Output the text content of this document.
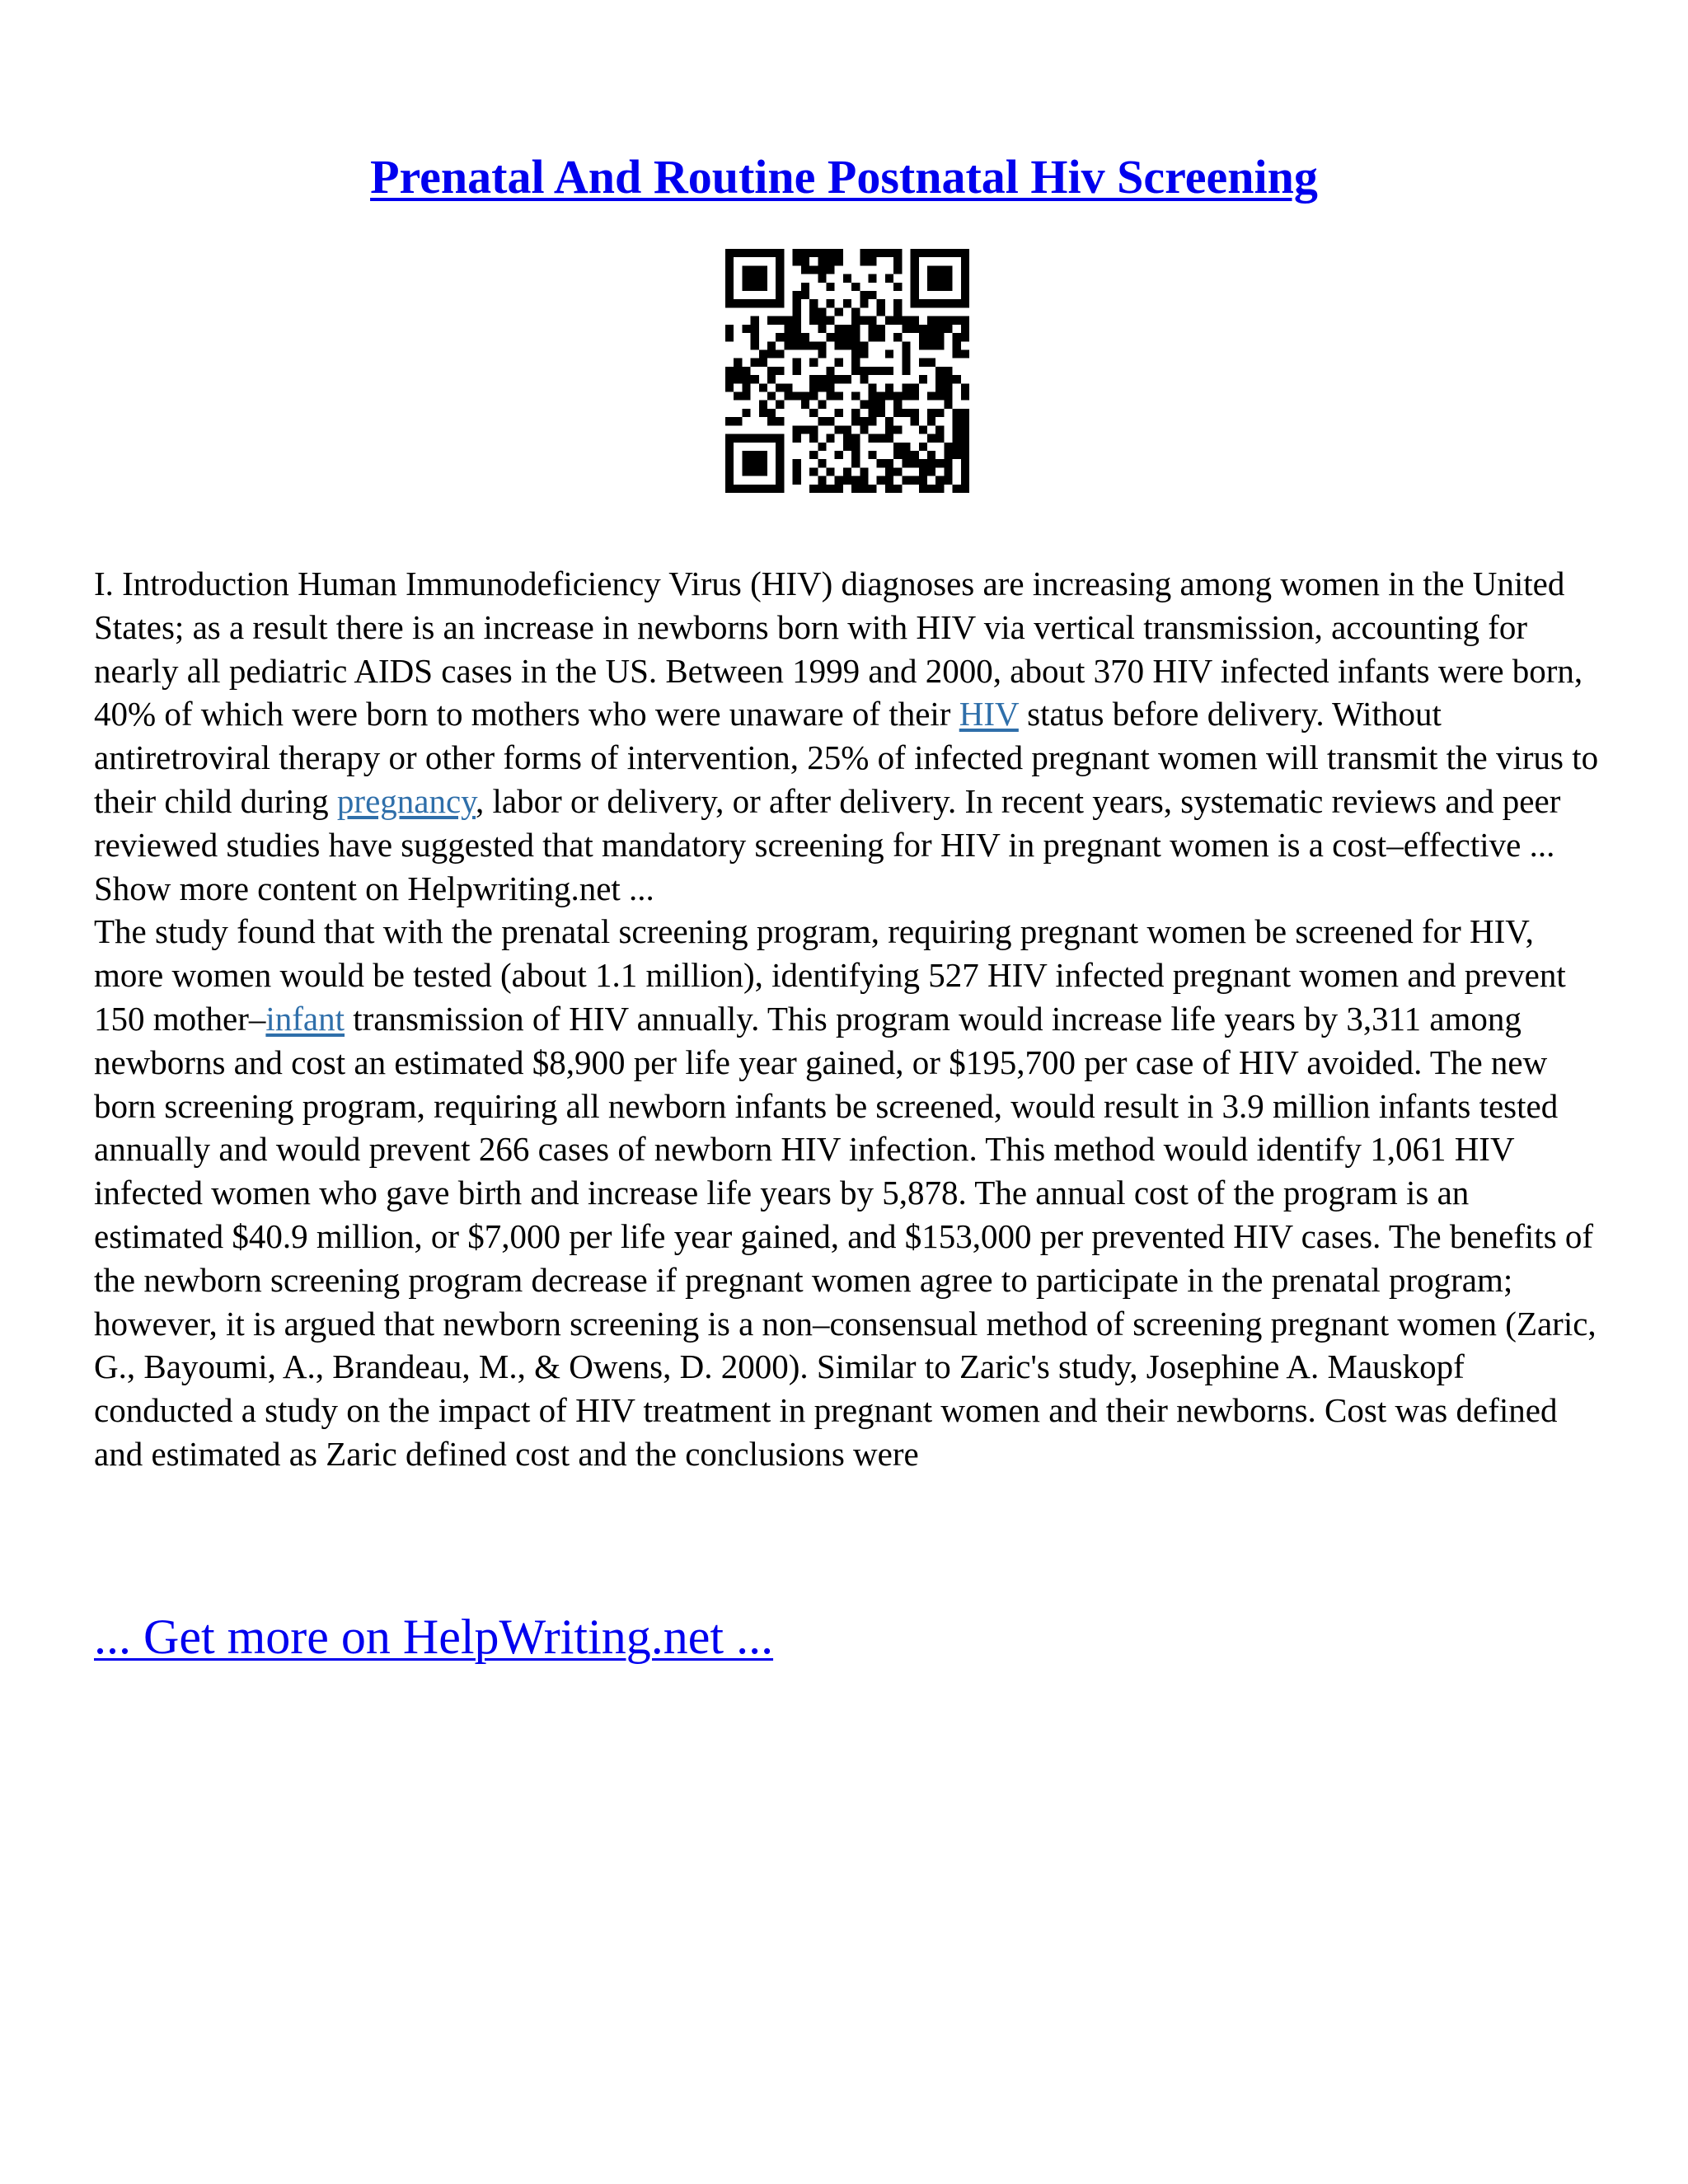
Prenatal And Routine Postnatal Hiv Screening

I. Introduction Human Immunodeficiency Virus (HIV) diagnoses are increasing among women in the United States; as a result there is an increase in newborns born with HIV via vertical transmission, accounting for nearly all pediatric AIDS cases in the US. Between 1999 and 2000, about 370 HIV infected infants were born, 40% of which were born to mothers who were unaware of their HIV status before delivery. Without antiretroviral therapy or other forms of intervention, 25% of infected pregnant women will transmit the virus to their child during pregnancy, labor or delivery, or after delivery. In recent years, systematic reviews and peer reviewed studies have suggested that mandatory screening for HIV in pregnant women is a cost–effective ... Show more content on Helpwriting.net ...

The study found that with the prenatal screening program, requiring pregnant women be screened for HIV, more women would be tested (about 1.1 million), identifying 527 HIV infected pregnant women and prevent 150 mother–infant transmission of HIV annually. This program would increase life years by 3,311 among newborns and cost an estimated $8,900 per life year gained, or $195,700 per case of HIV avoided. The new born screening program, requiring all newborn infants be screened, would result in 3.9 million infants tested annually and would prevent 266 cases of newborn HIV infection. This method would identify 1,061 HIV infected women who gave birth and increase life years by 5,878. The annual cost of the program is an estimated $40.9 million, or $7,000 per life year gained, and $153,000 per prevented HIV cases. The benefits of the newborn screening program decrease if pregnant women agree to participate in the prenatal program; however, it is argued that newborn screening is a non–consensual method of screening pregnant women (Zaric, G., Bayoumi, A., Brandeau, M., & Owens, D. 2000). Similar to Zaric's study, Josephine A. Mauskopf conducted a study on the impact of HIV treatment in pregnant women and their newborns. Cost was defined and estimated as Zaric defined cost and the conclusions were

... Get more on HelpWriting.net ...
